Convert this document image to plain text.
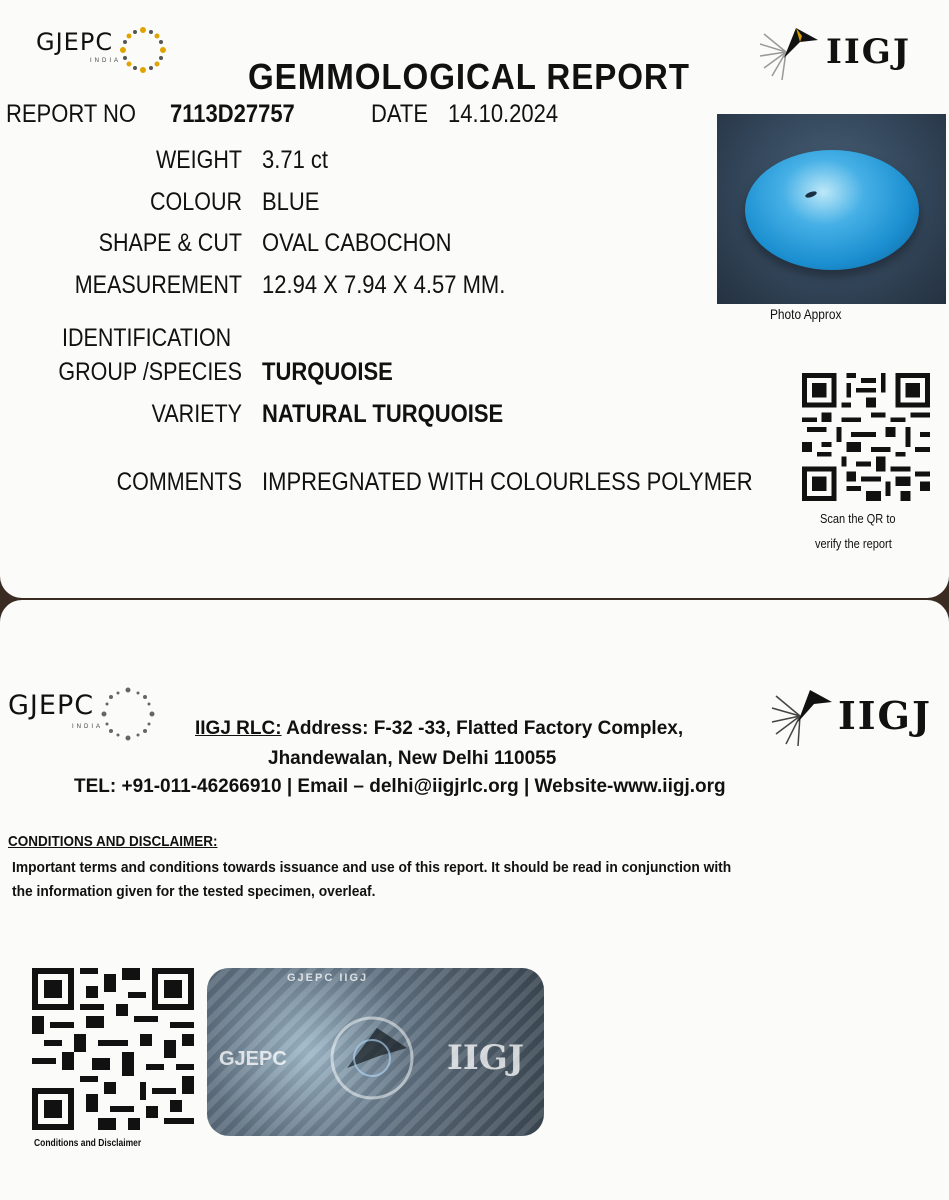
GJEPC
INDIA	IIGJ
GEMMOLOGICAL REPORT
REPORT NO 7113D27757	DATE 14.10.2024
WEIGHT 3.71 ct
COLOUR BLUE
SHAPE & CUT OVAL CABOCHON
MEASUREMENT 12.94 X 7.94 X 4.57 MM.
IDENTIFICATION
GROUP /SPECIES TURQUOISE
VARIETY NATURAL TURQUOISE
COMMENTS IMPREGNATED WITH COLOURLESS POLYMER
Photo Approx
Scan the QR to
verify the report
GJEPC
INDIA	IIGJ
IIGJ RLC: Address: F-32 -33, Flatted Factory Complex,
Jhandewalan, New Delhi 110055
TEL: +91-011-46266910 | Email – delhi@iigjrlc.org | Website-www.iigj.org
CONDITIONS AND DISCLAIMER:
Important terms and conditions towards issuance and use of this report. It should be read in conjunction with
the information given for the tested specimen, overleaf.
Conditions and Disclaimer
GJEPC IIGJ
GJEPC	IIGJ
